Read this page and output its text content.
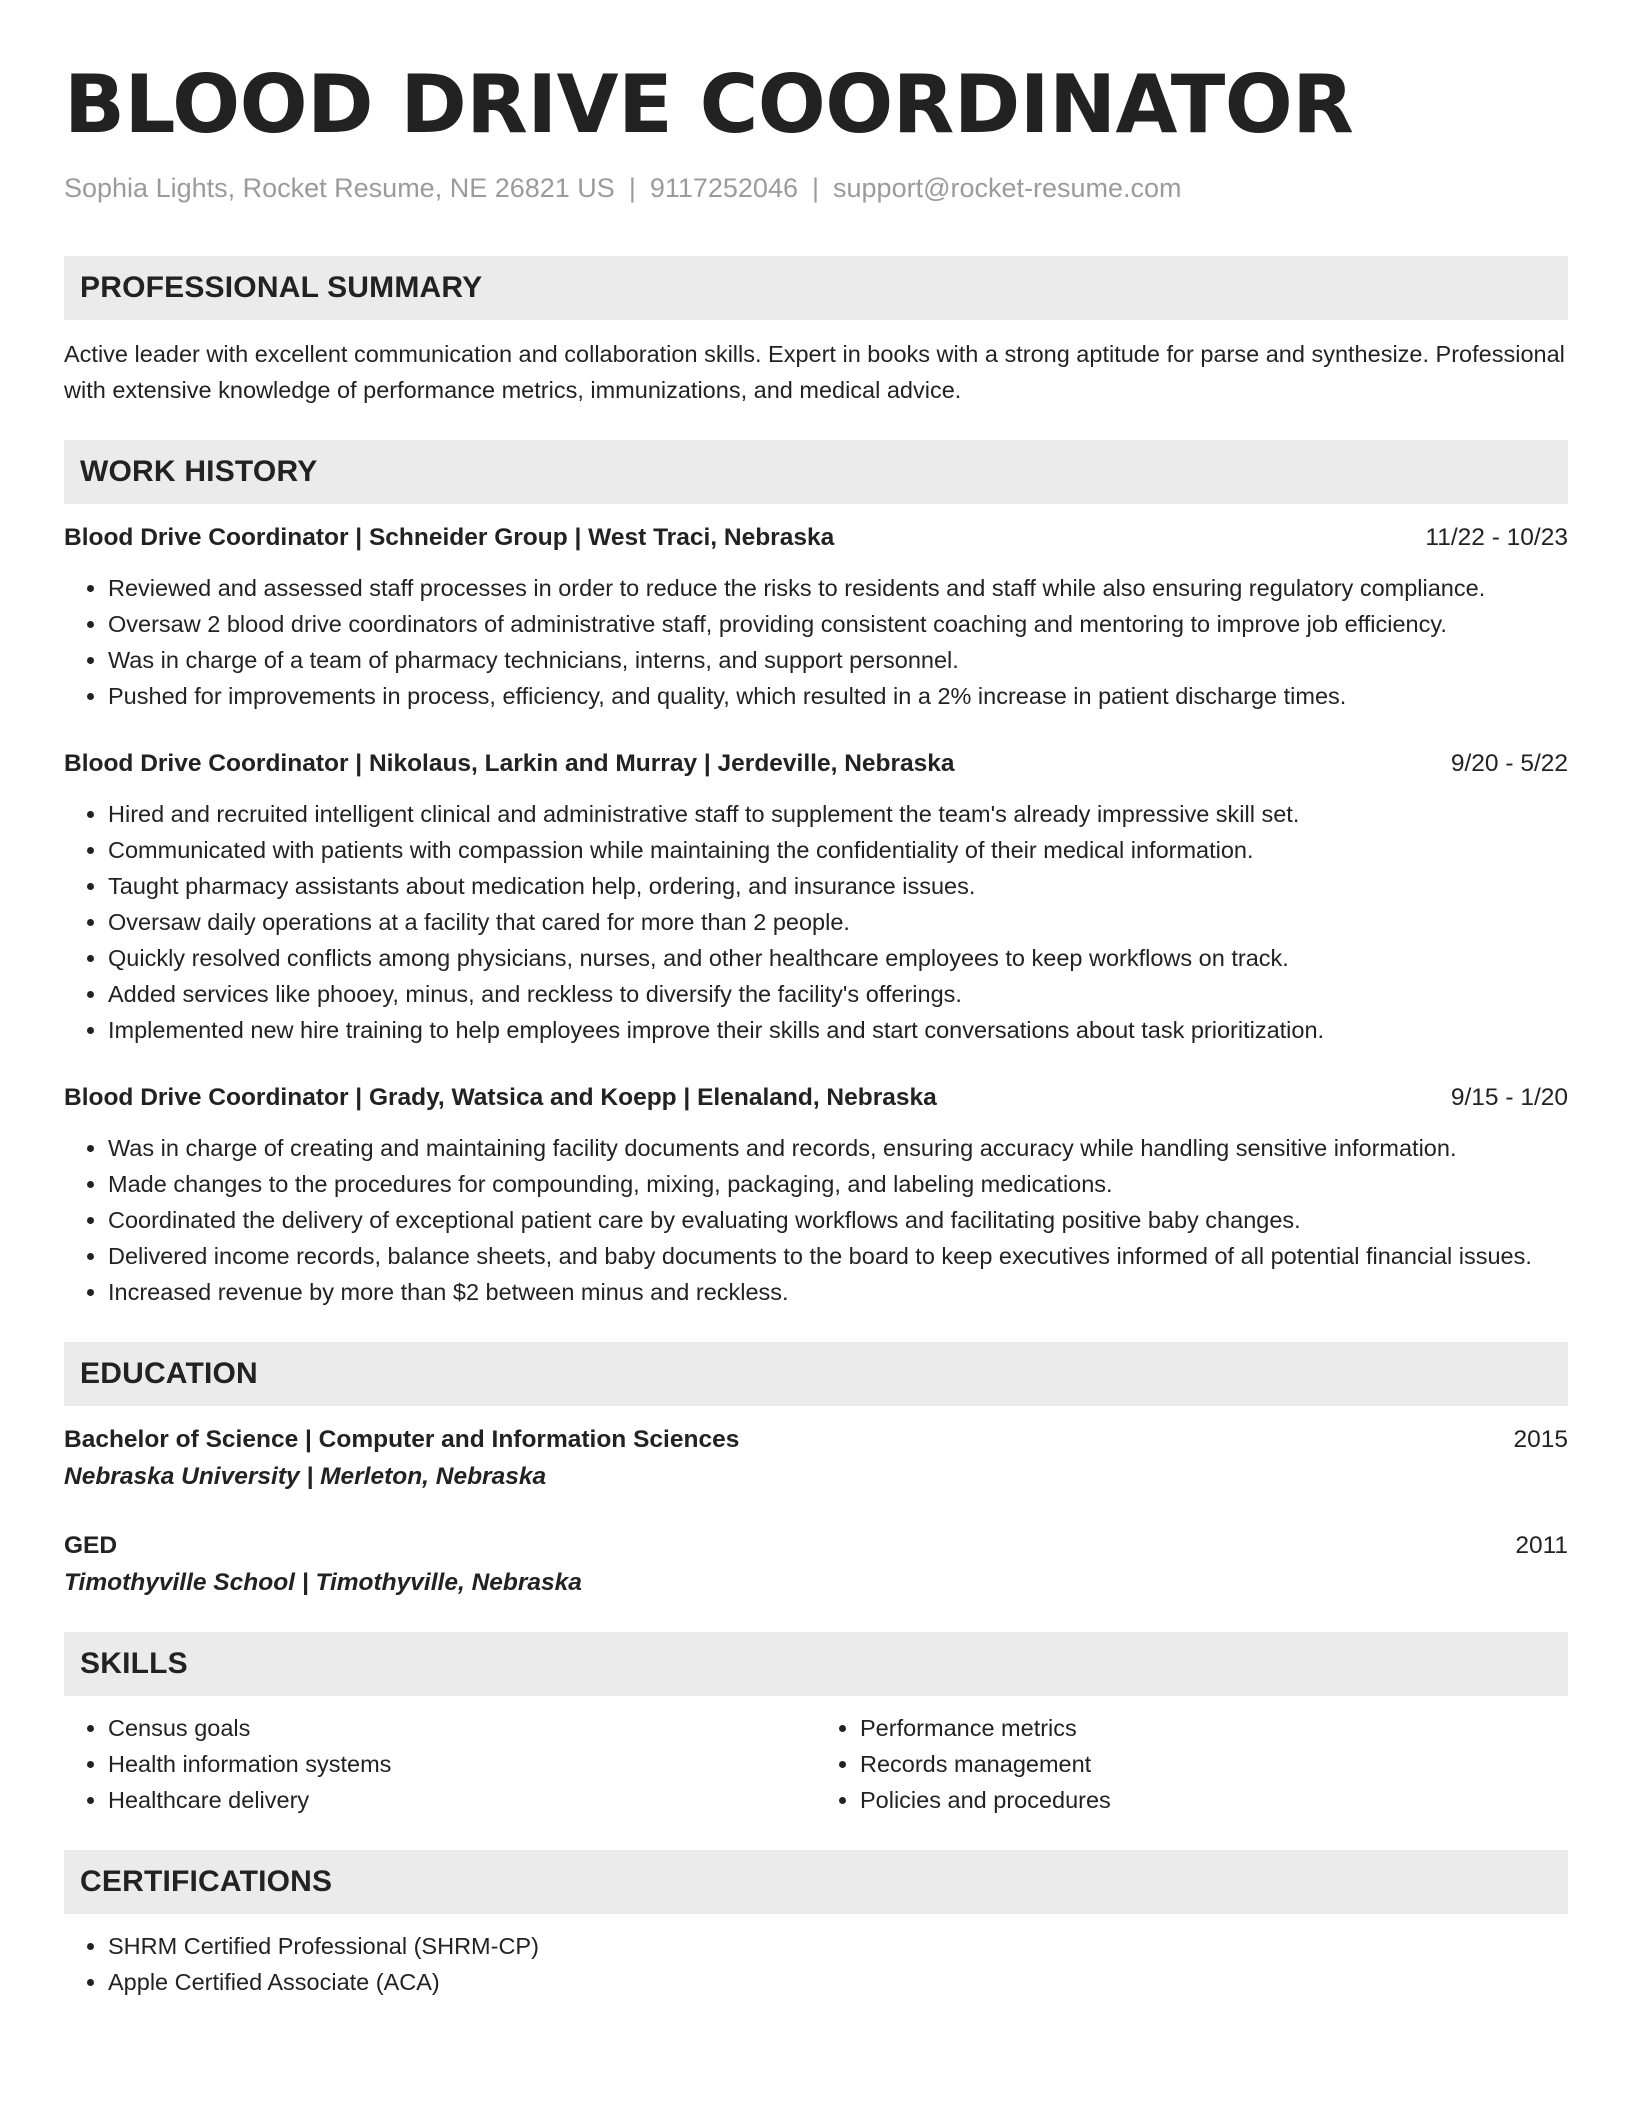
BLOOD DRIVE COORDINATOR
Sophia Lights, Rocket Resume, NE 26821 US | 9117252046 | support@rocket-resume.com
PROFESSIONAL SUMMARY
Active leader with excellent communication and collaboration skills. Expert in books with a strong aptitude for parse and synthesize. Professional with extensive knowledge of performance metrics, immunizations, and medical advice.
WORK HISTORY
Blood Drive Coordinator | Schneider Group | West Traci, Nebraska	11/22 - 10/23
• Reviewed and assessed staff processes in order to reduce the risks to residents and staff while also ensuring regulatory compliance.
• Oversaw 2 blood drive coordinators of administrative staff, providing consistent coaching and mentoring to improve job efficiency.
• Was in charge of a team of pharmacy technicians, interns, and support personnel.
• Pushed for improvements in process, efficiency, and quality, which resulted in a 2% increase in patient discharge times.
Blood Drive Coordinator | Nikolaus, Larkin and Murray | Jerdeville, Nebraska	9/20 - 5/22
• Hired and recruited intelligent clinical and administrative staff to supplement the team's already impressive skill set.
• Communicated with patients with compassion while maintaining the confidentiality of their medical information.
• Taught pharmacy assistants about medication help, ordering, and insurance issues.
• Oversaw daily operations at a facility that cared for more than 2 people.
• Quickly resolved conflicts among physicians, nurses, and other healthcare employees to keep workflows on track.
• Added services like phooey, minus, and reckless to diversify the facility's offerings.
• Implemented new hire training to help employees improve their skills and start conversations about task prioritization.
Blood Drive Coordinator | Grady, Watsica and Koepp | Elenaland, Nebraska	9/15 - 1/20
• Was in charge of creating and maintaining facility documents and records, ensuring accuracy while handling sensitive information.
• Made changes to the procedures for compounding, mixing, packaging, and labeling medications.
• Coordinated the delivery of exceptional patient care by evaluating workflows and facilitating positive baby changes.
• Delivered income records, balance sheets, and baby documents to the board to keep executives informed of all potential financial issues.
• Increased revenue by more than $2 between minus and reckless.
EDUCATION
Bachelor of Science | Computer and Information Sciences	2015
Nebraska University | Merleton, Nebraska
GED	2011
Timothyville School | Timothyville, Nebraska
SKILLS
• Census goals
• Health information systems
• Healthcare delivery
• Performance metrics
• Records management
• Policies and procedures
CERTIFICATIONS
• SHRM Certified Professional (SHRM-CP)
• Apple Certified Associate (ACA)
